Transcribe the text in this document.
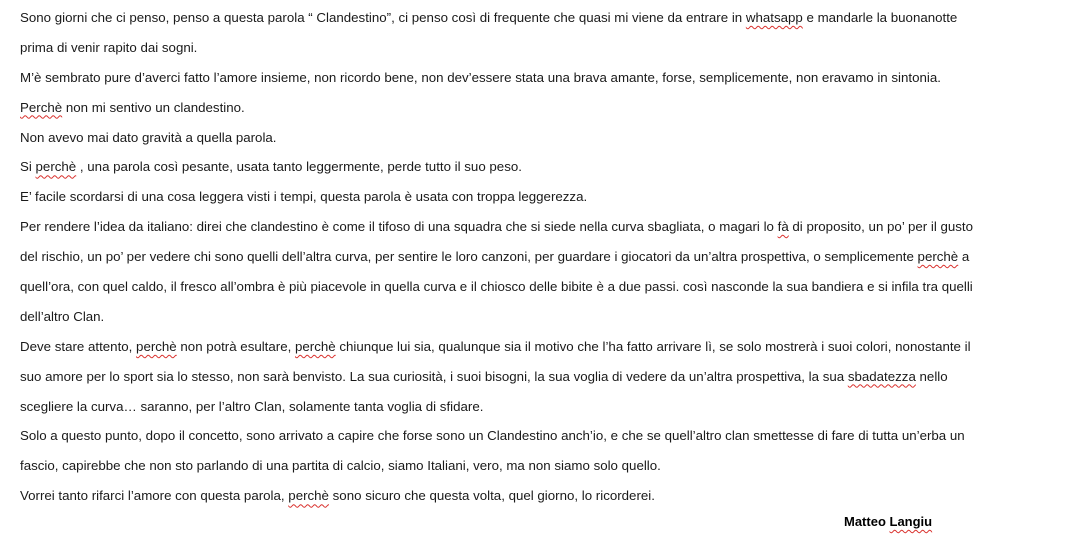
Sono giorni che ci penso, penso a questa parola “ Clandestino”, ci penso così di frequente che quasi mi viene da entrare in whatsapp e mandarle la buonanotte
prima di venir rapito dai sogni.
M’è sembrato pure d’averci fatto l’amore insieme, non ricordo bene, non dev’essere stata una brava amante, forse, semplicemente, non eravamo in sintonia.
Perchè non mi sentivo un clandestino.
Non avevo mai dato gravità a quella parola.
Si perchè , una parola così pesante, usata tanto leggermente, perde tutto il suo peso.
E’ facile scordarsi di una cosa leggera visti i tempi, questa parola è usata con troppa leggerezza.
Per rendere l’idea da italiano: direi che clandestino è come il tifoso di una squadra che si siede nella curva sbagliata, o magari lo fà di proposito, un po’ per il gusto
del rischio, un po’ per vedere chi sono quelli dell’altra curva, per sentire le loro canzoni, per guardare i giocatori da un’altra prospettiva, o semplicemente perchè a
quell’ora, con quel caldo, il fresco all’ombra è più piacevole in quella curva e il chiosco delle bibite è a due passi. così nasconde la sua bandiera e si infila tra quelli
dell’altro Clan.
Deve stare attento, perchè non potrà esultare, perchè chiunque lui sia, qualunque sia il motivo che l’ha fatto arrivare lì, se solo mostrerà i suoi colori, nonostante il
suo amore per lo sport sia lo stesso, non sarà benvisto. La sua curiosità, i suoi bisogni, la sua voglia di vedere da un’altra prospettiva, la sua sbadatezza nello
scegliere la curva… saranno, per l’altro Clan, solamente tanta voglia di sfidare.
Solo a questo punto, dopo il concetto, sono arrivato a capire che forse sono un Clandestino anch’io, e che se quell’altro clan smettesse di fare di tutta un’erba un
fascio, capirebbe che non sto parlando di una partita di calcio, siamo Italiani, vero, ma non siamo solo quello.
Vorrei tanto rifarci l’amore con questa parola, perchè sono sicuro che questa volta, quel giorno, lo ricorderei.
Matteo Langiu
